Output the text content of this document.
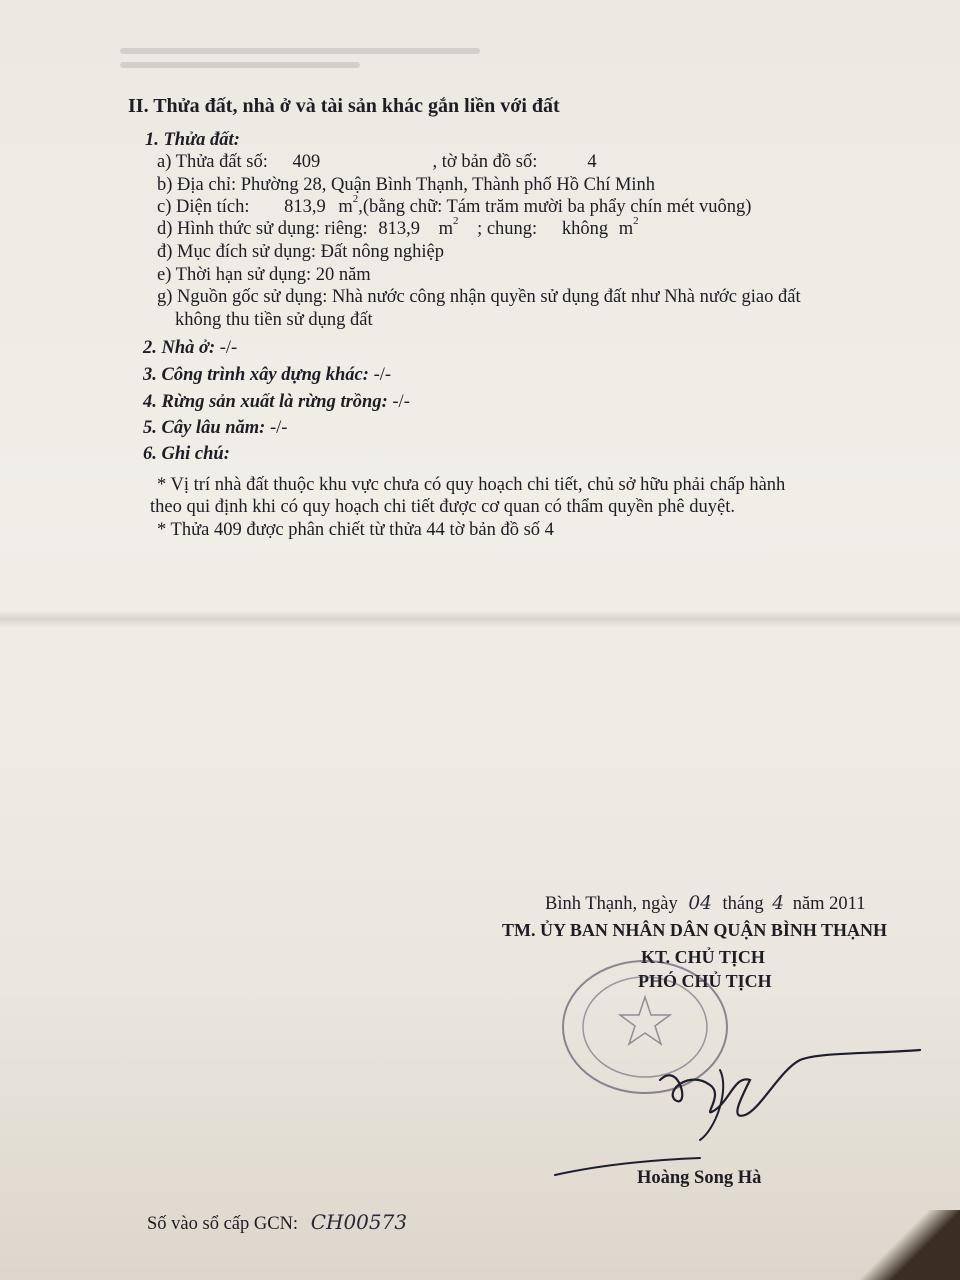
II. Thửa đất, nhà ở và tài sản khác gắn liền với đất
1. Thửa đất:
a) Thửa đất số: 409	, tờ bản đồ số:	4
b) Địa chỉ: Phường 28, Quận Bình Thạnh, Thành phố Hồ Chí Minh
c) Diện tích: 813,9 $m^2,(bằng$ chữ: Tám trăm mười ba phẩy chín mét vuông)
d) Hình thức sử dụng: riêng: 813,9 $m^2$ ; chung: không $m^2$
đ) Mục đích sử dụng: Đất nông nghiệp
e) Thời hạn sử dụng: 20 năm
g) Nguồn gốc sử dụng: Nhà nước công nhận quyền sử dụng đất như Nhà nước giao đất
không thu tiền sử dụng đất
2. Nhà ở: -/-
3. Công trình xây dựng khác: -/-
4. Rừng sản xuất là rừng trồng: -/-
5. Cây lâu năm: -/-
6. Ghi chú:
* Vị trí nhà đất thuộc khu vực chưa có quy hoạch chi tiết, chủ sở hữu phải chấp hành
theo qui định khi có quy hoạch chi tiết được cơ quan có thẩm quyền phê duyệt.
* Thửa 409 được phân chiết từ thửa 44 tờ bản đồ số 4
Bình Thạnh, ngày 04 tháng 4 năm 2011
TM. ỦY BAN NHÂN DÂN QUẬN BÌNH THẠNH
KT. CHỦ TỊCH
PHÓ CHỦ TỊCH
Hoàng Song Hà
Số vào sổ cấp GCN: CH00573
